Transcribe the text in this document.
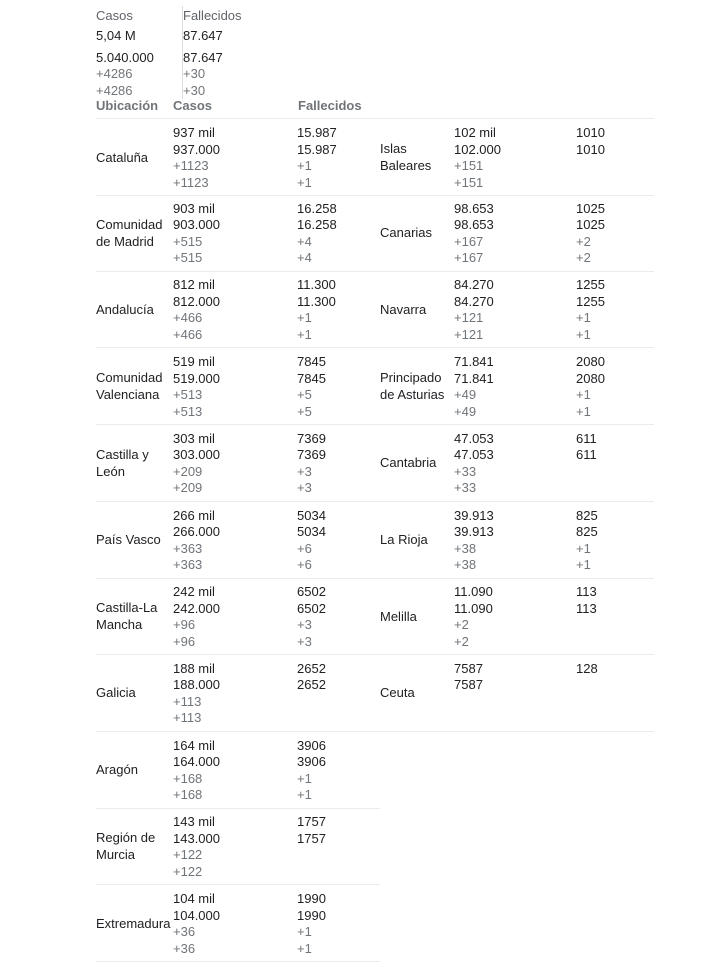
Casos
5,04 M
5.040.000
+4286
+4286
Fallecidos
87.647
87.647
+30
+30
Ubicación Casos	Fallecidos
Cataluña
937 mil
937.000
+1123
+1123
15.987
15.987
+1
+1
Comunidad de Madrid
903 mil
903.000
+515
+515
16.258
16.258
+4
+4
Andalucía
812 mil
812.000
+466
+466
11.300
11.300
+1
+1
Comunidad Valenciana
519 mil
519.000
+513
+513
7845
7845
+5
+5
Castilla y León
303 mil
303.000
+209
+209
7369
7369
+3
+3
País Vasco
266 mil
266.000
+363
+363
5034
5034
+6
+6
Castilla-La Mancha
242 mil
242.000
+96
+96
6502
6502
+3
+3
Galicia
188 mil
188.000
+113
+113
2652
2652
Aragón
164 mil
164.000
+168
+168
3906
3906
+1
+1
Región de Murcia
143 mil
143.000
+122
+122
1757
1757
Extremadura
104 mil
104.000
+36
+36
1990
1990
+1
+1
Islas Baleares
102 mil
102.000
+151
+151
1010
1010
Canarias
98.653
98.653
+167
+167
1025
1025
+2
+2
Navarra
84.270
84.270
+121
+121
1255
1255
+1
+1
Principado de Asturias
71.841
71.841
+49
+49
2080
2080
+1
+1
Cantabria
47.053
47.053
+33
+33
611
611
La Rioja
39.913
39.913
+38
+38
825
825
+1
+1
Melilla
11.090
11.090
+2
+2
113
113
Ceuta
7587
7587
128
